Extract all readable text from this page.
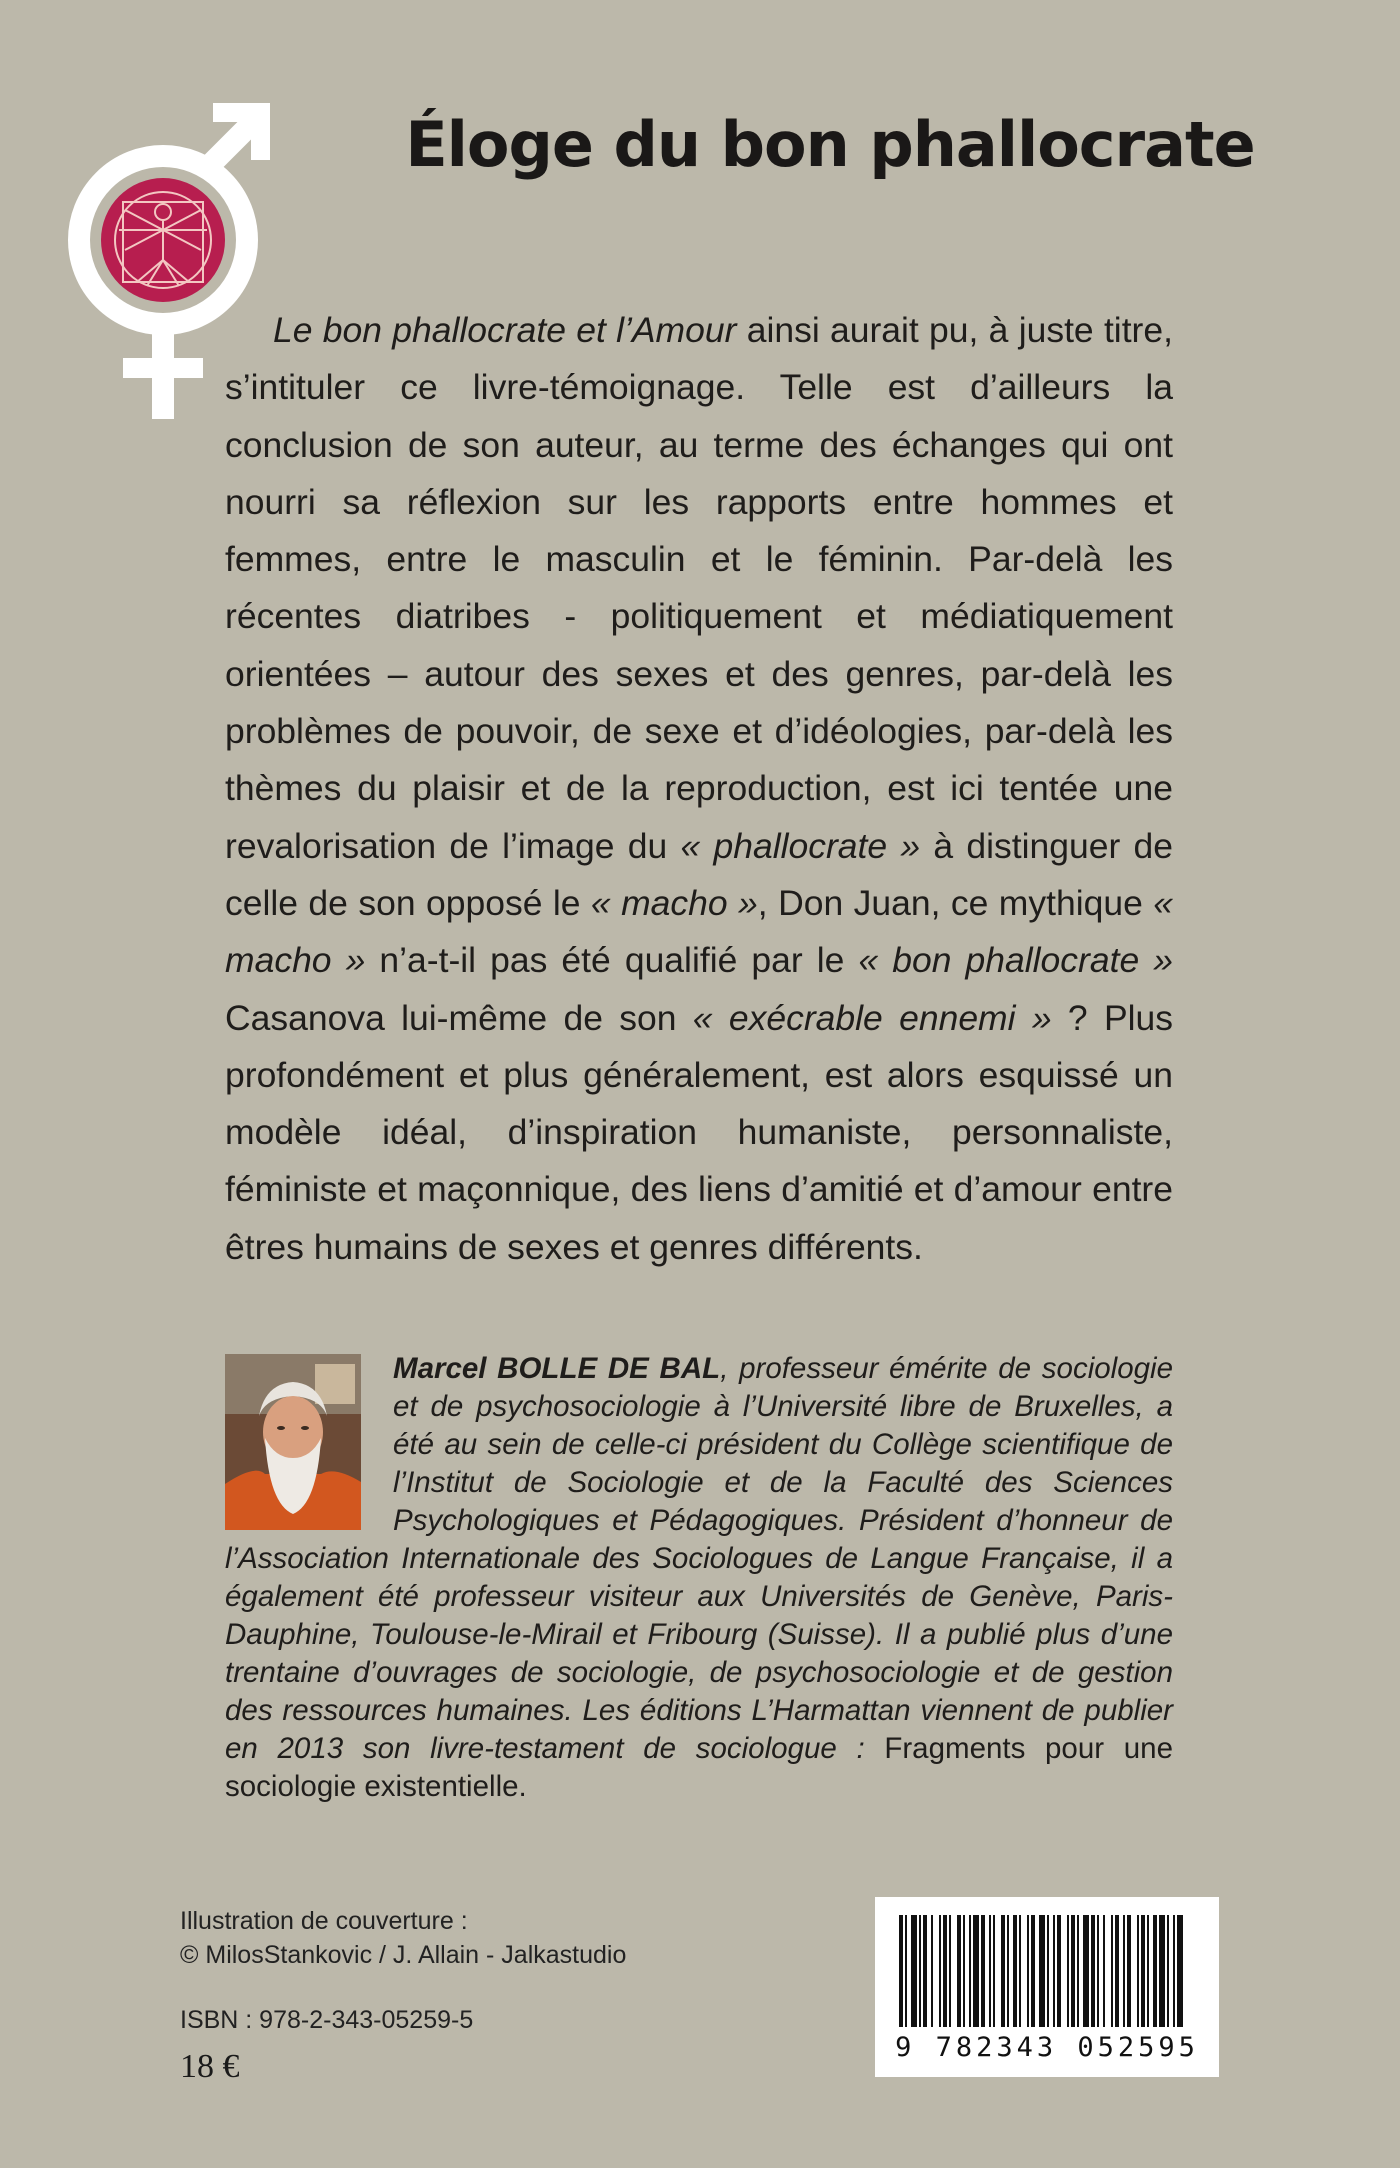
Éloge du bon phallocrate

Le bon phallocrate et l’Amour ainsi aurait pu, à juste titre, s’intituler ce livre-témoignage. Telle est d’ailleurs la conclusion de son auteur, au terme des échanges qui ont nourri sa réflexion sur les rapports entre hommes et femmes, entre le masculin et le féminin. Par-delà les récentes diatribes - politiquement et médiatiquement orientées – autour des sexes et des genres, par-delà les problèmes de pouvoir, de sexe et d’idéologies, par-delà les thèmes du plaisir et de la reproduction, est ici tentée une revalorisation de l’image du « phallocrate » à distinguer de celle de son opposé le « macho », Don Juan, ce mythique « macho » n’a-t-il pas été qualifié par le « bon phallocrate » Casanova lui-même de son « exécrable ennemi » ? Plus profondément et plus généralement, est alors esquissé un modèle idéal, d’inspiration humaniste, personnaliste, féministe et maçonnique, des liens d’amitié et d’amour entre êtres humains de sexes et genres différents.

Marcel BOLLE DE BAL, professeur émérite de sociologie et de psychosociologie à l’Université libre de Bruxelles, a été au sein de celle-ci président du Collège scientifique de l’Institut de Sociologie et de la Faculté des Sciences Psychologiques et Pédagogiques. Président d’honneur de l’Association Internationale des Sociologues de Langue Française, il a également été professeur visiteur aux Universités de Genève, Paris-Dauphine, Toulouse-le-Mirail et Fribourg (Suisse). Il a publié plus d’une trentaine d’ouvrages de sociologie, de psychosociologie et de gestion des ressources humaines. Les éditions L’Harmattan viennent de publier en 2013 son livre-testament de sociologue : Fragments pour une sociologie existentielle.
Illustration de couverture :
© MilosStankovic / J. Allain - Jalkastudio
ISBN : 978-2-343-05259-5
18 €
9 782343 052595
